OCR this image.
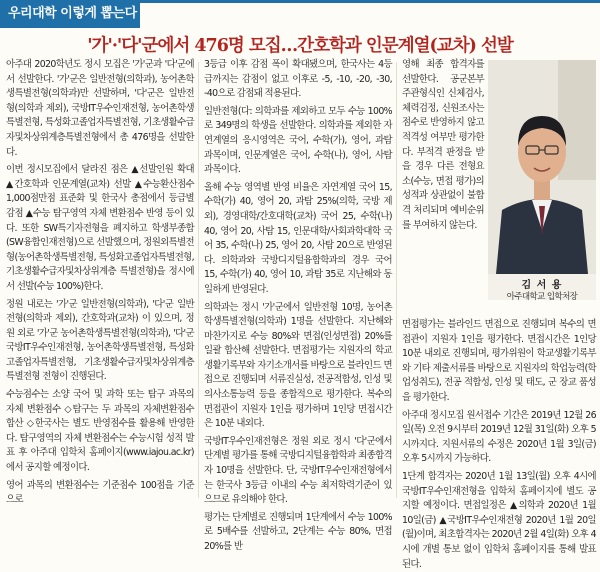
우리대학 이렇게 뽑는다
'가'·'다'군에서 476명 모집…간호학과 인문계열(교차) 선발

아주대 2020학년도 정시 모집은 '가'군과 '다'군에서 선발한다. '가'군은 일반전형(의학과), 농어촌학생특별전형(의학과)만 선발하며, '다'군은 일반전형(의학과 제외), 국방IT우수인재전형, 농어촌학생특별전형, 특성화고졸업자특별전형, 기초생활수급자및차상위계층특별전형에서 총 476명을 선발한다.

이번 정시모집에서 달라진 점은 ▲선발인원 확대 ▲간호학과 인문계열(교차) 선발 ▲수능환산점수 1,000점만점 표준화 및 한국사 총점에서 등급별 감점 ▲수능 탐구영역 자체 변환점수 반영 등이 있다. 또한 SW특기자전형을 폐지하고 학생부종합(SW융합인재전형)으로 선발했으며, 정원외특별전형(농어촌학생특별전형, 특성화고졸업자특별전형, 기초생활수급자및차상위계층 특별전형)을 정시에서 선발(수능 100%)한다.

정원 내로는 '가'군 일반전형(의학과), '다'군 일반전형(의학과 제외), 간호학과(교차) 이 있으며, 정원 외로 '가'군 농어촌학생특별전형(의학과), '다'군 국방IT우수인재전형, 농어촌학생특별전형, 특성화고졸업자특별전형, 기초생활수급자및차상위계층특별전형 전형이 진행된다.

수능점수는 소양 국어 및 과학 또는 탐구 과목의 자체 변환점수 ◇탐구는 두 과목의 자체변환점수 합산 ◇한국사는 별도 반영점수를 활용해 반영한다. 탐구영역의 자체 변환점수는 수능시험 성적 발표 후 아주대 입학처 홈페이지(www.iajou.ac.kr)에서 공지할 예정이다.

영어 과목의 변환점수는 기준점수 100점을 기준으로

3등급 이후 감점 폭이 확대됐으며, 한국사는 4등급까지는 감점이 없고 이후로 -5, -10, -20, -30, -40으로 감점돼 적용된다.

일반전형(다: 의학과를 제외하고 모두 수능 100%로 349명의 학생을 선발한다. 의학과를 제외한 자연계열의 응시영역은 국어, 수학(가), 영어, 과탐 과목이며, 인문계열은 국어, 수학(나), 영어, 사탐 과목이다.

올해 수능 영역별 반영 비율은 자연계열 국어 15, 수학(가) 40, 영어 20, 과탐 25%(의학, 국방 제외), 경영대학/간호대학(교차) 국어 25, 수학(나) 40, 영어 20, 사탐 15, 인문대학/사회과학대학 국어 35, 수학(나) 25, 영어 20, 사탐 20으로 반영된다. 의학과와 국방디지털융합학과의 경우 국어 15, 수학(가) 40, 영어 10, 과탐 35로 지난해와 동일하게 반영된다.

의학과는 정시 '가'군에서 일반전형 10명, 농어촌학생특별전형(의학과) 1명을 선발한다. 지난해와 마찬가지로 수능 80%와 면접(인성면접) 20%를 일괄 합산해 선발한다. 면접평가는 지원자의 학교생활기록부와 자기소개서를 바탕으로 블라인드 면접으로 진행되며 서류진실성, 전공적합성, 인성 및 의사소통능력 등을 종합적으로 평가한다. 복수의 면접관이 지원자 1인을 평가하며 1인당 면접시간은 10분 내외다.

국방IT우수인재전형은 정원 외로 정시 '다'군에서 단계별 평가를 통해 국방디지털융합학과 최종합격자 10명을 선발한다. 단, 국방IT우수인재전형에서는 한국사 3등급 이내의 수능 최저학력기준이 있으므로 유의해야 한다.

평가는 단계별로 진행되며 1단계에서 수능 100%로 5배수를 선발하고, 2단계는 수능 80%, 면접 20%를 반

영해 최종 합격자를 선발한다. 공군본부 주관형식인 신체검사, 체력검정, 신원조사는 점수로 반영하지 않고 적격성 여부만 평가한다. 부적격 판정을 받을 경우 다른 전형요소(수능, 면접 평가)의 성적과 상관없이 불합격 처리되며 예비순위를 부여하지 않는다.

김 서 용
아주대학교 입학처장

면접평가는 블라인드 면접으로 진행되며 복수의 면접관이 지원자 1인을 평가한다. 면접시간은 1인당 10분 내외로 진행되며, 평가위원이 학교생활기록부와 기타 제출서류를 바탕으로 지원자의 학업능력(학업성취도), 전공 적합성, 인성 및 태도, 군 장교 품성을 평가한다.

아주대 정시모집 원서접수 기간은 2019년 12월 26일(목) 오전 9시부터 2019년 12월 31일(화) 오후 5시까지다. 지원서류의 수정은 2020년 1월 3일(금) 오후 5시까지 가능하다.

1단계 합격자는 2020년 1월 13일(월) 오후 4시에 국방IT우수인재전형을 입학처 홈페이지에 별도 공지할 예정이다. 면접일정은 ▲의학과 2020년 1월 10일(금) ▲국방IT우수인재전형 2020년 1월 20일(월)이며, 최초합격자는 2020년 2월 4일(화) 오후 4시에 개별 통보 없이 입학처 홈페이지를 통해 발표된다.
